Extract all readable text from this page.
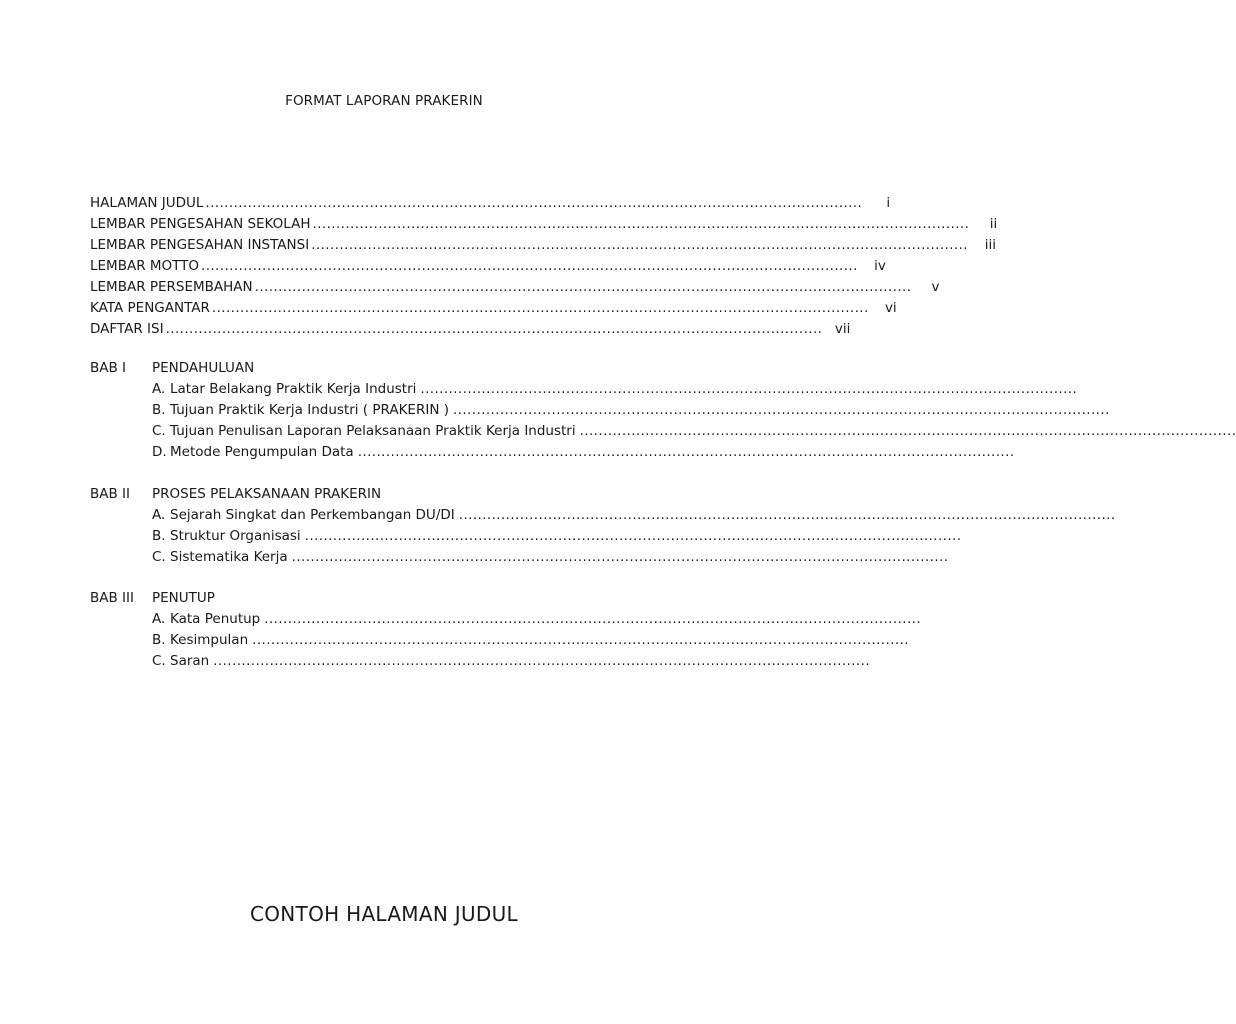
FORMAT LAPORAN PRAKERIN
HALAMAN JUDUL ............................................................................................................................................	i
LEMBAR PENGESAHAN SEKOLAH ............................................................................................................................................	ii
LEMBAR PENGESAHAN INSTANSI ............................................................................................................................................	iii
LEMBAR MOTTO ............................................................................................................................................	iv
LEMBAR PERSEMBAHAN ............................................................................................................................................	v
KATA PENGANTAR ............................................................................................................................................	vi
DAFTAR ISI ............................................................................................................................................ vii
BAB I	PENDAHULUAN
A. Latar Belakang Praktik Kerja Industri ............................................................................................................................................
B. Tujuan Praktik Kerja Industri ( PRAKERIN ) ............................................................................................................................................
C. Tujuan Penulisan Laporan Pelaksanaan Praktik Kerja Industri ............................................................................................................................................
D. Metode Pengumpulan Data ............................................................................................................................................
BAB II	PROSES PELAKSANAAN PRAKERIN
A. Sejarah Singkat dan Perkembangan DU/DI ............................................................................................................................................
B. Struktur Organisasi ............................................................................................................................................
C. Sistematika Kerja ............................................................................................................................................
BAB III	PENUTUP
A. Kata Penutup ............................................................................................................................................
B. Kesimpulan ............................................................................................................................................
C. Saran ............................................................................................................................................
CONTOH HALAMAN JUDUL
